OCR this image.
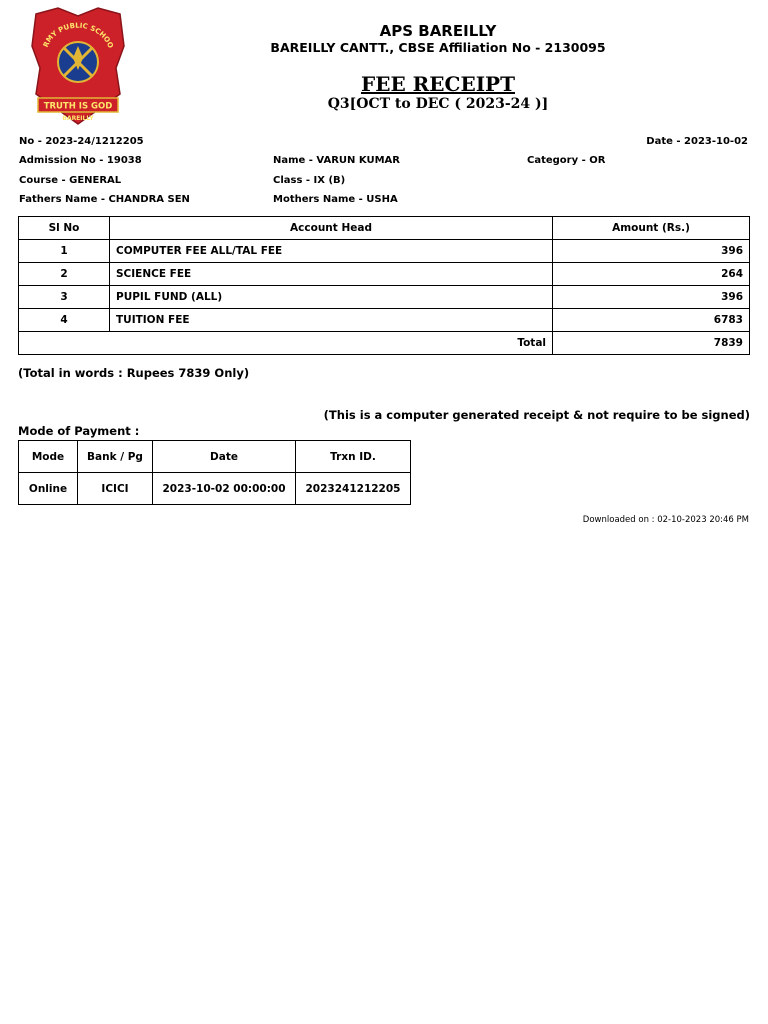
RMY PUBLIC SCHOO
TRUTH IS GOD
BAREILLY
APS BAREILLY
BAREILLY CANTT., CBSE Affiliation No - 2130095
FEE RECEIPT
Q3[OCT to DEC ( 2023-24 )]
No - 2023-24/1212205	Date - 2023-10-02
Admission No - 19038	Name - VARUN KUMAR	Category - OR
Course - GENERAL	Class - IX (B)
Fathers Name - CHANDRA SEN	Mothers Name - USHA
Sl No	Account Head	Amount (Rs.)
1	COMPUTER FEE ALL/TAL FEE	396
2	SCIENCE FEE	264
3	PUPIL FUND (ALL)	396
4	TUITION FEE	6783
Total		7839
(Total in words : Rupees 7839 Only)
(This is a computer generated receipt & not require to be signed)
Mode of Payment :
Mode	Bank / Pg	Date	Trxn ID.
Online	ICICI	2023-10-02 00:00:00	2023241212205
Downloaded on : 02-10-2023 20:46 PM
